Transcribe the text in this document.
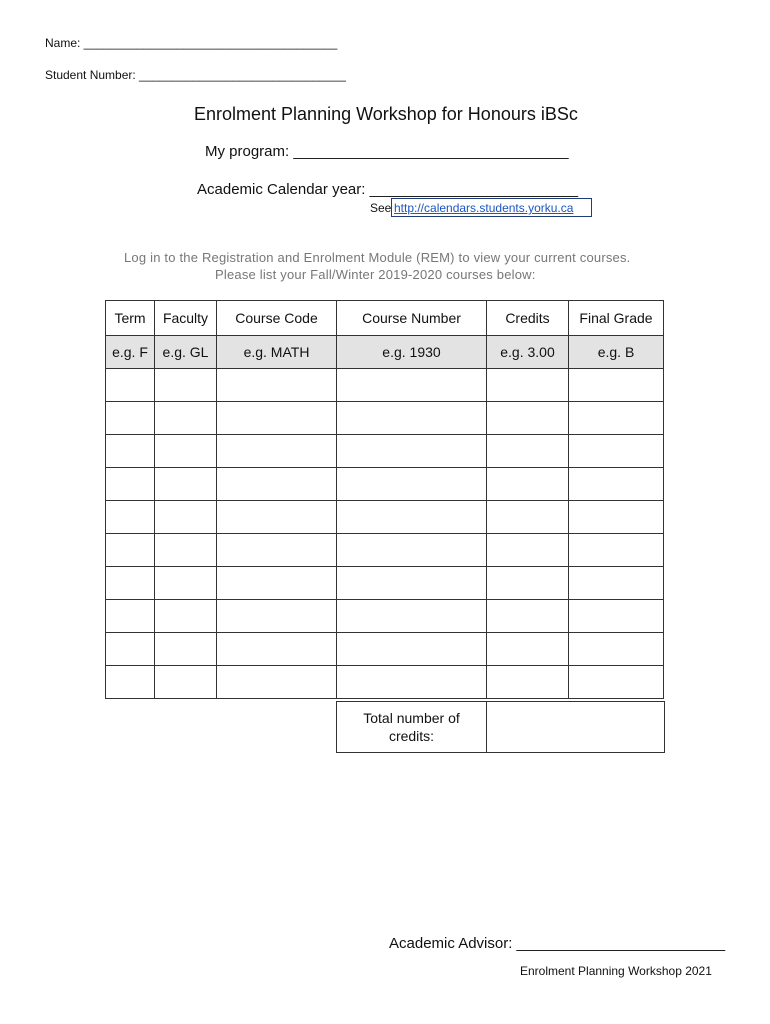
Name: ______________________________________
Student Number: _______________________________
Enrolment Planning Workshop for Honours iBSc
My program: _________________________________
Academic Calendar year: _________________________
See http://calendars.students.yorku.ca
Log in to the Registration and Enrolment Module (REM) to view your current courses.
Please list your Fall/Winter 2019-2020 courses below:
Term	Faculty	Course Code	Course Number	Credits	Final Grade
e.g. F	e.g. GL	e.g. MATH	e.g. 1930	e.g. 3.00	e.g. B

Total number of credits:	
Academic Advisor: _________________________
Enrolment Planning Workshop 2021
